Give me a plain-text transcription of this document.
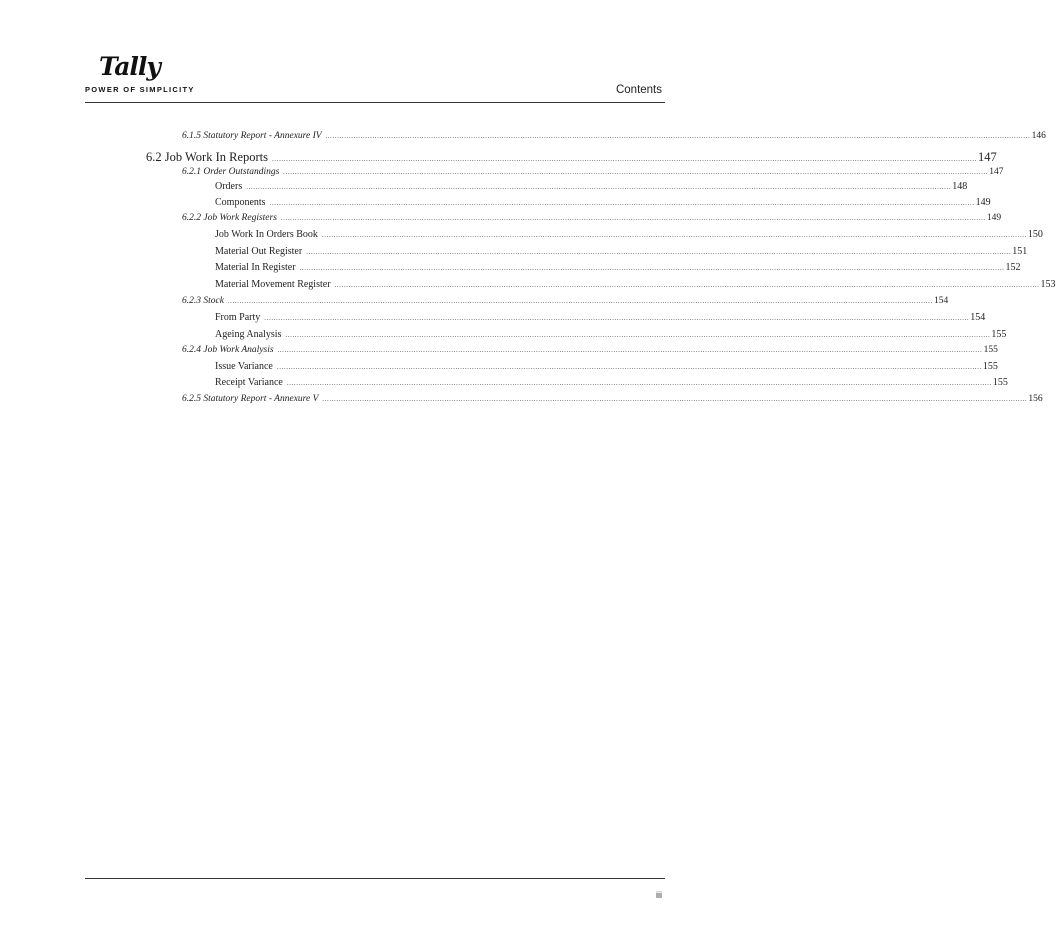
Tally
POWER OF SIMPLICITY	Contents
6.1.5 Statutory Report - Annexure IV ............................................................................................................................................................................................................................................................................................................ 146
6.2 Job Work In Reports ............................................................................................................................................................................................................................................................................................................ 147
6.2.1 Order Outstandings ............................................................................................................................................................................................................................................................................................................ 147
Orders ............................................................................................................................................................................................................................................................................................................ 148
Components ............................................................................................................................................................................................................................................................................................................ 149
6.2.2 Job Work Registers ............................................................................................................................................................................................................................................................................................................ 149
Job Work In Orders Book ............................................................................................................................................................................................................................................................................................................ 150
Material Out Register ............................................................................................................................................................................................................................................................................................................ 151
Material In Register ............................................................................................................................................................................................................................................................................................................ 152
Material Movement Register ............................................................................................................................................................................................................................................................................................................ 153
6.2.3 Stock ............................................................................................................................................................................................................................................................................................................ 154
From Party ............................................................................................................................................................................................................................................................................................................ 154
Ageing Analysis ............................................................................................................................................................................................................................................................................................................ 155
6.2.4 Job Work Analysis ............................................................................................................................................................................................................................................................................................................ 155
Issue Variance ............................................................................................................................................................................................................................................................................................................ 155
Receipt Variance ............................................................................................................................................................................................................................................................................................................ 155
6.2.5 Statutory Report - Annexure V ............................................................................................................................................................................................................................................................................................................ 156
iii
